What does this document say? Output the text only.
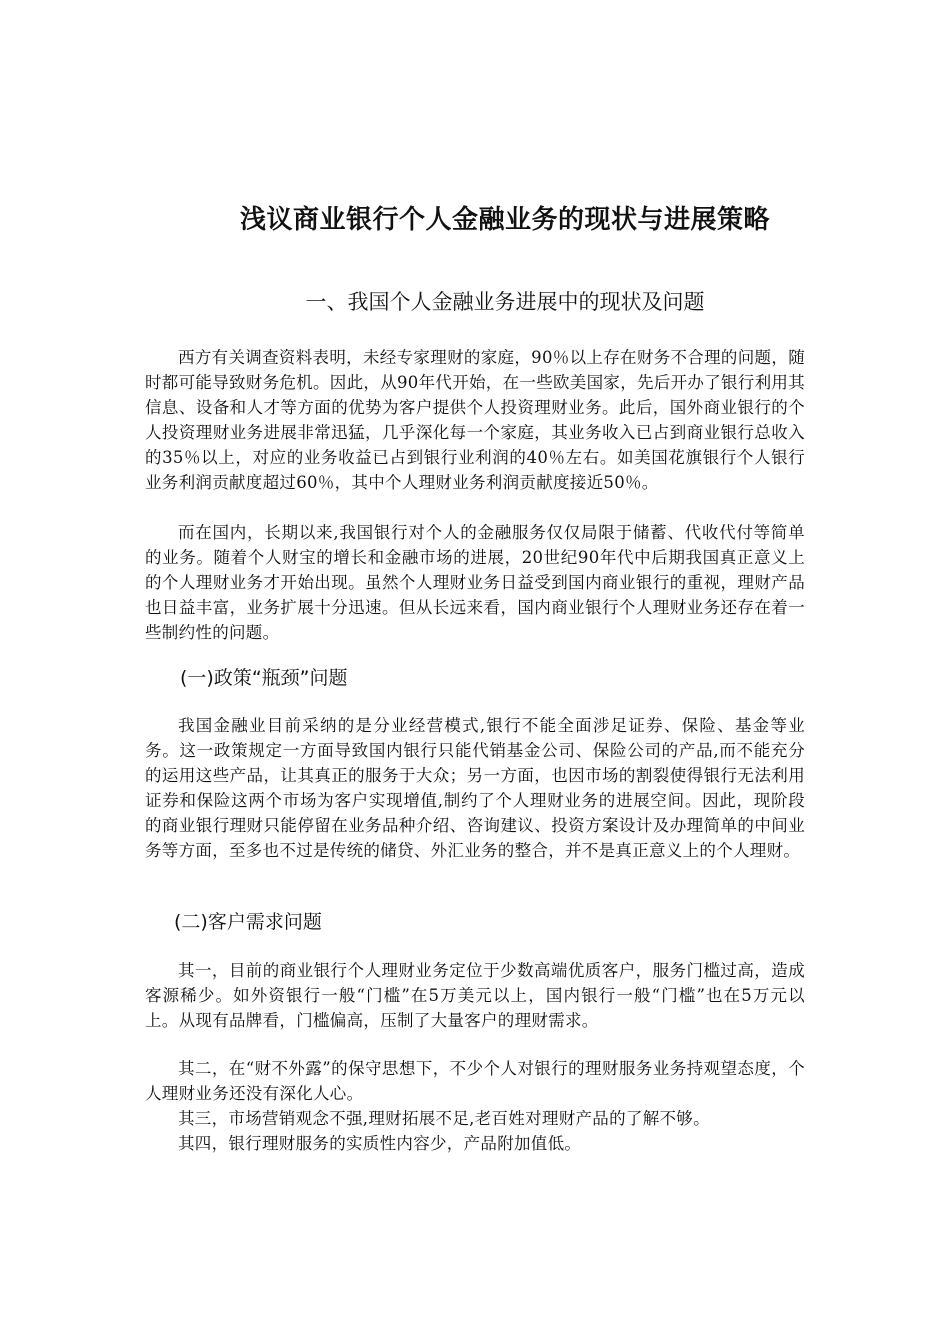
浅议商业银行个人金融业务的现状与进展策略
一、我国个人金融业务进展中的现状及问题

西方有关调查资料表明，未经专家理财的家庭，90％以上存在财务不合理的问题，随时都可能导致财务危机。因此，从90年代开始，在一些欧美国家，先后开办了银行利用其信息、设备和人才等方面的优势为客户提供个人投资理财业务。此后，国外商业银行的个人投资理财业务进展非常迅猛，几乎深化每一个家庭，其业务收入已占到商业银行总收入的35％以上，对应的业务收益已占到银行业利润的40％左右。如美国花旗银行个人银行业务利润贡献度超过60％，其中个人理财业务利润贡献度接近50％。

而在国内，长期以来,我国银行对个人的金融服务仅仅局限于储蓄、代收代付等简单的业务。随着个人财宝的增长和金融市场的进展，20世纪90年代中后期我国真正意义上的个人理财业务才开始出现。虽然个人理财业务日益受到国内商业银行的重视，理财产品也日益丰富，业务扩展十分迅速。但从长远来看，国内商业银行个人理财业务还存在着一些制约性的问题。

(一)政策“瓶颈”问题

我国金融业目前采纳的是分业经营模式,银行不能全面涉足证券、保险、基金等业务。这一政策规定一方面导致国内银行只能代销基金公司、保险公司的产品,而不能充分的运用这些产品，让其真正的服务于大众；另一方面，也因市场的割裂使得银行无法利用证券和保险这两个市场为客户实现增值,制约了个人理财业务的进展空间。因此，现阶段的商业银行理财只能停留在业务品种介绍、咨询建议、投资方案设计及办理简单的中间业务等方面，至多也不过是传统的储贷、外汇业务的整合，并不是真正意义上的个人理财。

(二)客户需求问题

其一，目前的商业银行个人理财业务定位于少数高端优质客户，服务门槛过高，造成客源稀少。如外资银行一般“门槛”在5万美元以上，国内银行一般“门槛”也在5万元以上。从现有品牌看，门槛偏高，压制了大量客户的理财需求。

其二，在“财不外露”的保守思想下，不少个人对银行的理财服务业务持观望态度，个人理财业务还没有深化人心。

其三，市场营销观念不强,理财拓展不足,老百姓对理财产品的了解不够。

其四，银行理财服务的实质性内容少，产品附加值低。
